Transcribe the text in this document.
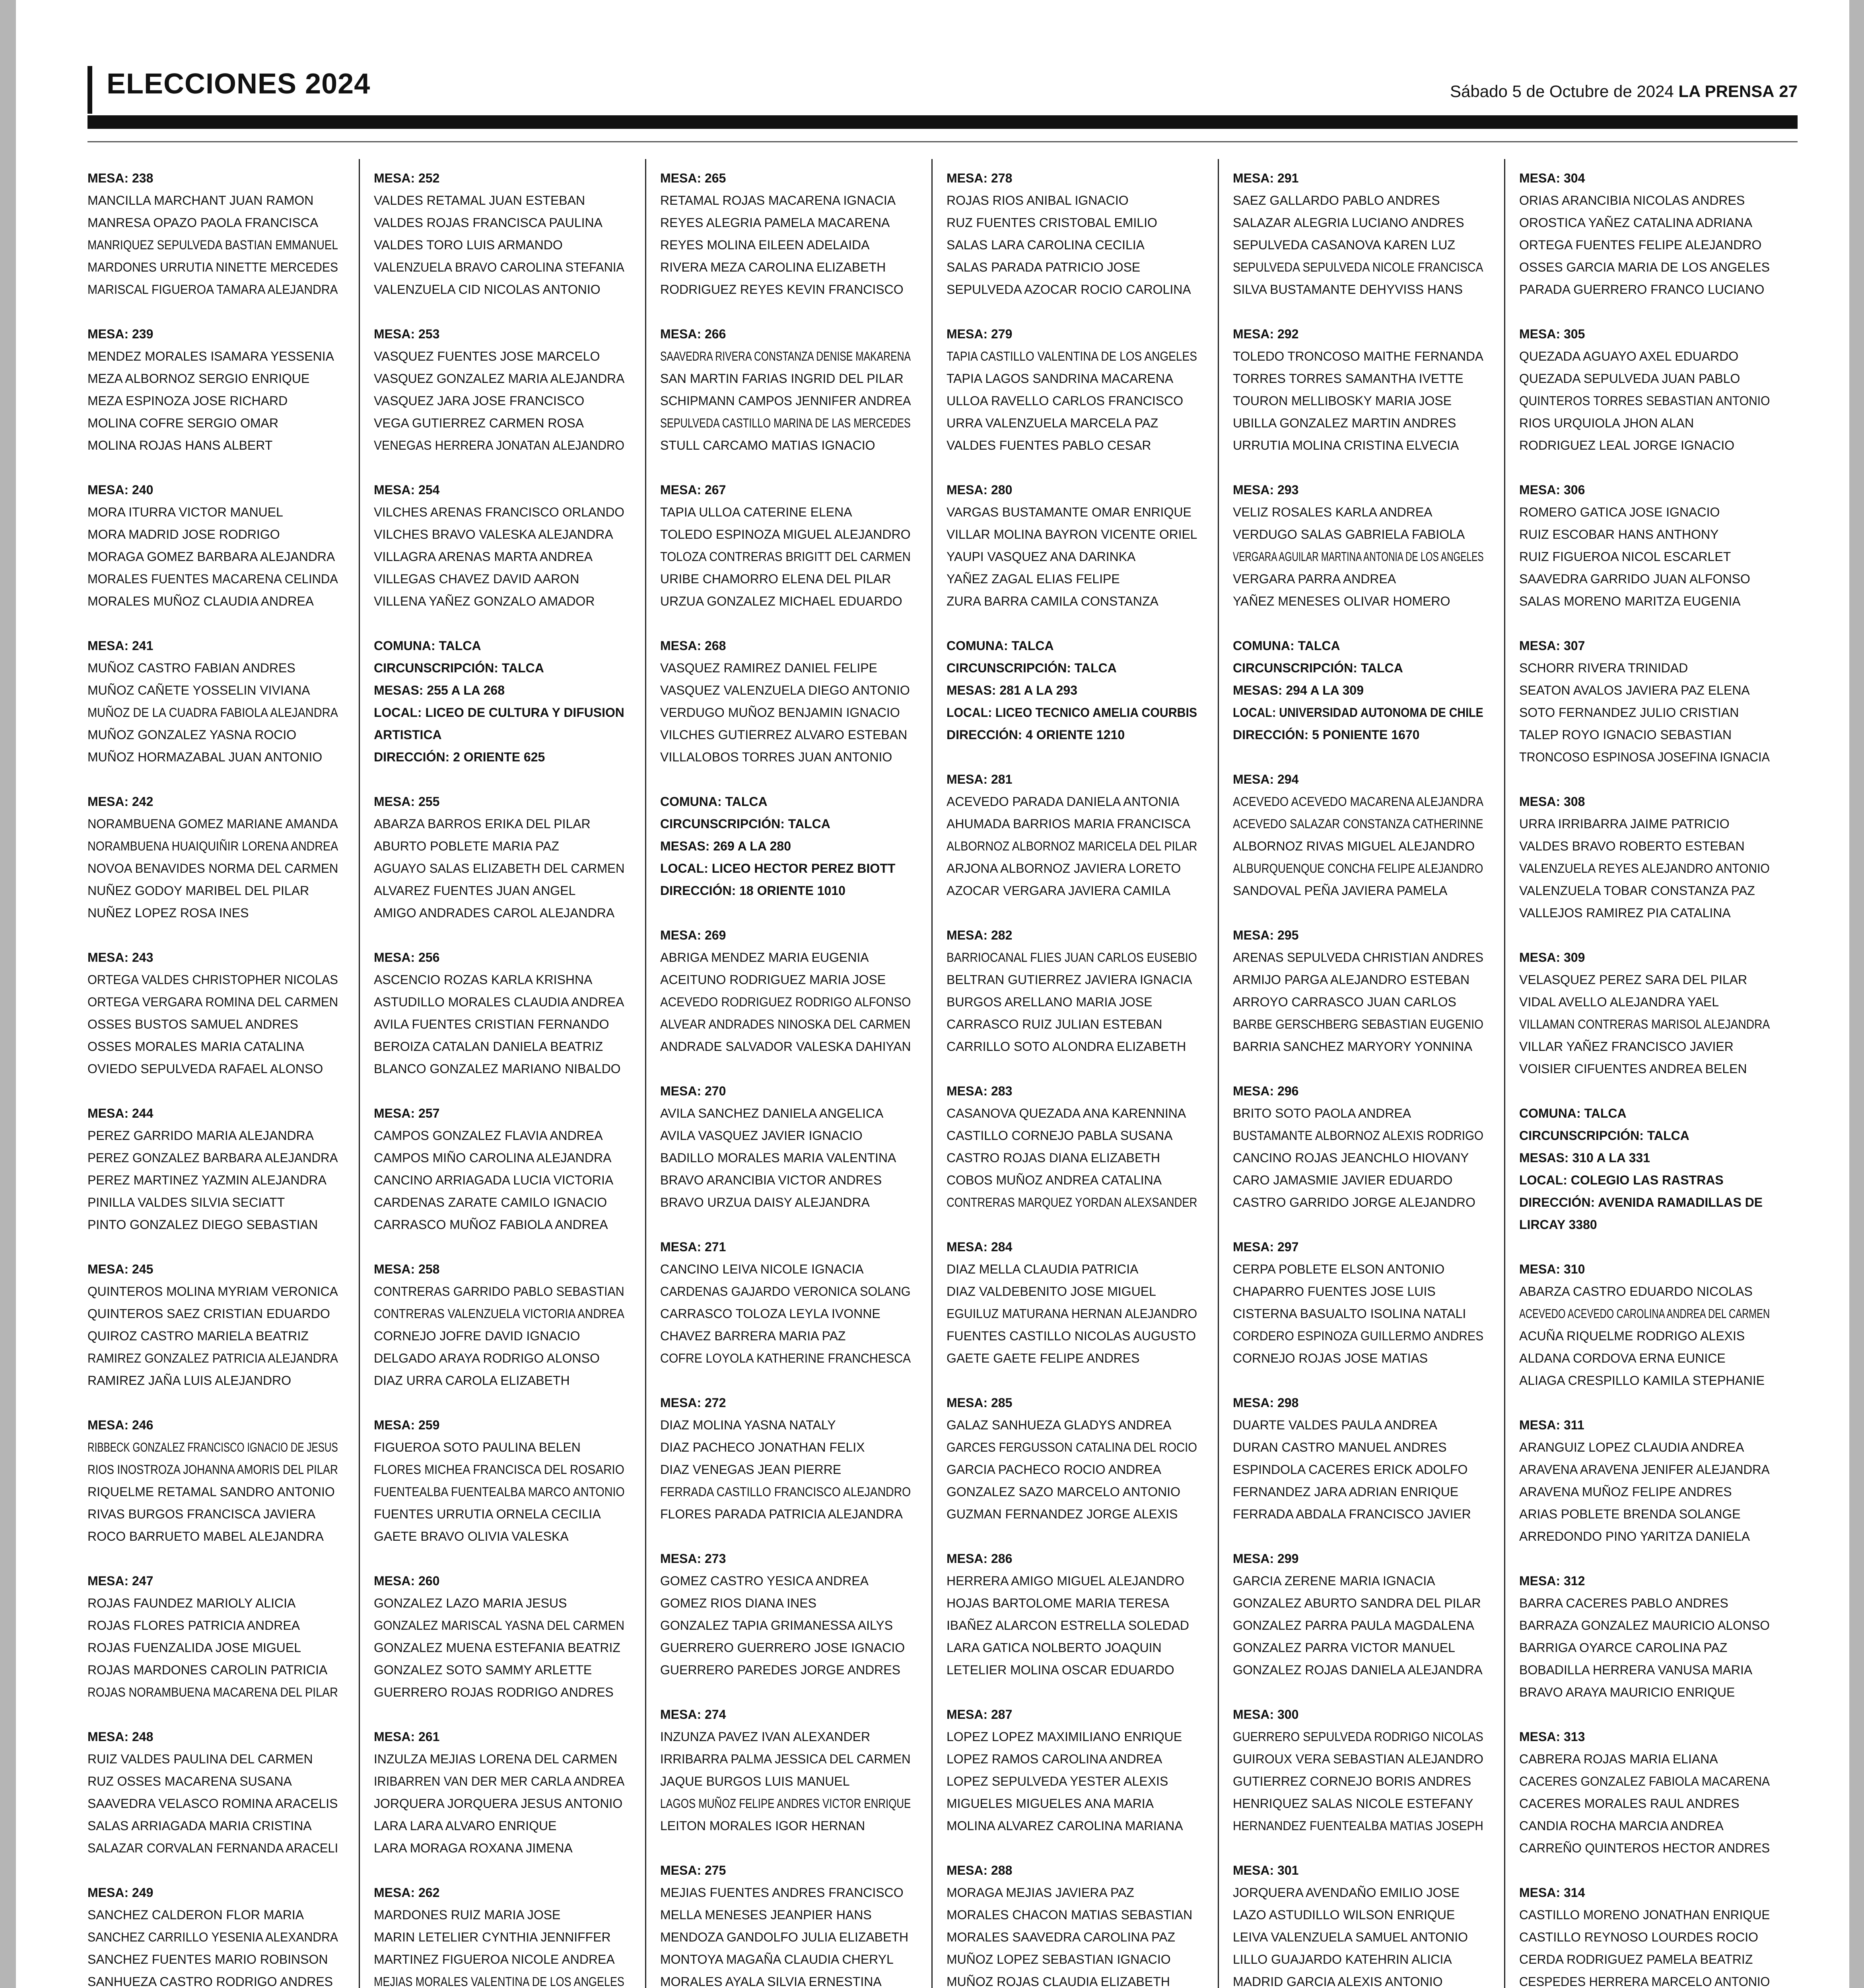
ELECCIONES 2024	Sábado 5 de Octubre de 2024 LA PRENSA 27
MESA: 238
MANCILLA MARCHANT JUAN RAMON
MANRESA OPAZO PAOLA FRANCISCA
MANRIQUEZ SEPULVEDA BASTIAN EMMANUEL
MARDONES URRUTIA NINETTE MERCEDES
MARISCAL FIGUEROA TAMARA ALEJANDRA
MESA: 239
MENDEZ MORALES ISAMARA YESSENIA
MEZA ALBORNOZ SERGIO ENRIQUE
MEZA ESPINOZA JOSE RICHARD
MOLINA COFRE SERGIO OMAR
MOLINA ROJAS HANS ALBERT
MESA: 240
MORA ITURRA VICTOR MANUEL
MORA MADRID JOSE RODRIGO
MORAGA GOMEZ BARBARA ALEJANDRA
MORALES FUENTES MACARENA CELINDA
MORALES MUÑOZ CLAUDIA ANDREA
MESA: 241
MUÑOZ CASTRO FABIAN ANDRES
MUÑOZ CAÑETE YOSSELIN VIVIANA
MUÑOZ DE LA CUADRA FABIOLA ALEJANDRA
MUÑOZ GONZALEZ YASNA ROCIO
MUÑOZ HORMAZABAL JUAN ANTONIO
MESA: 242
NORAMBUENA GOMEZ MARIANE AMANDA
NORAMBUENA HUAIQUIÑIR LORENA ANDREA
NOVOA BENAVIDES NORMA DEL CARMEN
NUÑEZ GODOY MARIBEL DEL PILAR
NUÑEZ LOPEZ ROSA INES
MESA: 243
ORTEGA VALDES CHRISTOPHER NICOLAS
ORTEGA VERGARA ROMINA DEL CARMEN
OSSES BUSTOS SAMUEL ANDRES
OSSES MORALES MARIA CATALINA
OVIEDO SEPULVEDA RAFAEL ALONSO
MESA: 244
PEREZ GARRIDO MARIA ALEJANDRA
PEREZ GONZALEZ BARBARA ALEJANDRA
PEREZ MARTINEZ YAZMIN ALEJANDRA
PINILLA VALDES SILVIA SECIATT
PINTO GONZALEZ DIEGO SEBASTIAN
MESA: 245
QUINTEROS MOLINA MYRIAM VERONICA
QUINTEROS SAEZ CRISTIAN EDUARDO
QUIROZ CASTRO MARIELA BEATRIZ
RAMIREZ GONZALEZ PATRICIA ALEJANDRA
RAMIREZ JAÑA LUIS ALEJANDRO
MESA: 246
RIBBECK GONZALEZ FRANCISCO IGNACIO DE JESUS
RIOS INOSTROZA JOHANNA AMORIS DEL PILAR
RIQUELME RETAMAL SANDRO ANTONIO
RIVAS BURGOS FRANCISCA JAVIERA
ROCO BARRUETO MABEL ALEJANDRA
MESA: 247
ROJAS FAUNDEZ MARIOLY ALICIA
ROJAS FLORES PATRICIA ANDREA
ROJAS FUENZALIDA JOSE MIGUEL
ROJAS MARDONES CAROLIN PATRICIA
ROJAS NORAMBUENA MACARENA DEL PILAR
MESA: 248
RUIZ VALDES PAULINA DEL CARMEN
RUZ OSSES MACARENA SUSANA
SAAVEDRA VELASCO ROMINA ARACELIS
SALAS ARRIAGADA MARIA CRISTINA
SALAZAR CORVALAN FERNANDA ARACELI
MESA: 249
SANCHEZ CALDERON FLOR MARIA
SANCHEZ CARRILLO YESENIA ALEXANDRA
SANCHEZ FUENTES MARIO ROBINSON
SANHUEZA CASTRO RODRIGO ANDRES
MESA: 252
VALDES RETAMAL JUAN ESTEBAN
VALDES ROJAS FRANCISCA PAULINA
VALDES TORO LUIS ARMANDO
VALENZUELA BRAVO CAROLINA STEFANIA
VALENZUELA CID NICOLAS ANTONIO
MESA: 253
VASQUEZ FUENTES JOSE MARCELO
VASQUEZ GONZALEZ MARIA ALEJANDRA
VASQUEZ JARA JOSE FRANCISCO
VEGA GUTIERREZ CARMEN ROSA
VENEGAS HERRERA JONATAN ALEJANDRO
MESA: 254
VILCHES ARENAS FRANCISCO ORLANDO
VILCHES BRAVO VALESKA ALEJANDRA
VILLAGRA ARENAS MARTA ANDREA
VILLEGAS CHAVEZ DAVID AARON
VILLENA YAÑEZ GONZALO AMADOR
COMUNA: TALCA
CIRCUNSCRIPCIÓN: TALCA
MESAS: 255 A LA 268
LOCAL: LICEO DE CULTURA Y DIFUSION
ARTISTICA
DIRECCIÓN: 2 ORIENTE 625
MESA: 255
ABARZA BARROS ERIKA DEL PILAR
ABURTO POBLETE MARIA PAZ
AGUAYO SALAS ELIZABETH DEL CARMEN
ALVAREZ FUENTES JUAN ANGEL
AMIGO ANDRADES CAROL ALEJANDRA
MESA: 256
ASCENCIO ROZAS KARLA KRISHNA
ASTUDILLO MORALES CLAUDIA ANDREA
AVILA FUENTES CRISTIAN FERNANDO
BEROIZA CATALAN DANIELA BEATRIZ
BLANCO GONZALEZ MARIANO NIBALDO
MESA: 257
CAMPOS GONZALEZ FLAVIA ANDREA
CAMPOS MIÑO CAROLINA ALEJANDRA
CANCINO ARRIAGADA LUCIA VICTORIA
CARDENAS ZARATE CAMILO IGNACIO
CARRASCO MUÑOZ FABIOLA ANDREA
MESA: 258
CONTRERAS GARRIDO PABLO SEBASTIAN
CONTRERAS VALENZUELA VICTORIA ANDREA
CORNEJO JOFRE DAVID IGNACIO
DELGADO ARAYA RODRIGO ALONSO
DIAZ URRA CAROLA ELIZABETH
MESA: 259
FIGUEROA SOTO PAULINA BELEN
FLORES MICHEA FRANCISCA DEL ROSARIO
FUENTEALBA FUENTEALBA MARCO ANTONIO
FUENTES URRUTIA ORNELA CECILIA
GAETE BRAVO OLIVIA VALESKA
MESA: 260
GONZALEZ LAZO MARIA JESUS
GONZALEZ MARISCAL YASNA DEL CARMEN
GONZALEZ MUENA ESTEFANIA BEATRIZ
GONZALEZ SOTO SAMMY ARLETTE
GUERRERO ROJAS RODRIGO ANDRES
MESA: 261
INZULZA MEJIAS LORENA DEL CARMEN
IRIBARREN VAN DER MER CARLA ANDREA
JORQUERA JORQUERA JESUS ANTONIO
LARA LARA ALVARO ENRIQUE
LARA MORAGA ROXANA JIMENA
MESA: 262
MARDONES RUIZ MARIA JOSE
MARIN LETELIER CYNTHIA JENNIFFER
MARTINEZ FIGUEROA NICOLE ANDREA
MEJIAS MORALES VALENTINA DE LOS ANGELES
MESA: 265
RETAMAL ROJAS MACARENA IGNACIA
REYES ALEGRIA PAMELA MACARENA
REYES MOLINA EILEEN ADELAIDA
RIVERA MEZA CAROLINA ELIZABETH
RODRIGUEZ REYES KEVIN FRANCISCO
MESA: 266
SAAVEDRA RIVERA CONSTANZA DENISE MAKARENA
SAN MARTIN FARIAS INGRID DEL PILAR
SCHIPMANN CAMPOS JENNIFER ANDREA
SEPULVEDA CASTILLO MARINA DE LAS MERCEDES
STULL CARCAMO MATIAS IGNACIO
MESA: 267
TAPIA ULLOA CATERINE ELENA
TOLEDO ESPINOZA MIGUEL ALEJANDRO
TOLOZA CONTRERAS BRIGITT DEL CARMEN
URIBE CHAMORRO ELENA DEL PILAR
URZUA GONZALEZ MICHAEL EDUARDO
MESA: 268
VASQUEZ RAMIREZ DANIEL FELIPE
VASQUEZ VALENZUELA DIEGO ANTONIO
VERDUGO MUÑOZ BENJAMIN IGNACIO
VILCHES GUTIERREZ ALVARO ESTEBAN
VILLALOBOS TORRES JUAN ANTONIO
COMUNA: TALCA
CIRCUNSCRIPCIÓN: TALCA
MESAS: 269 A LA 280
LOCAL: LICEO HECTOR PEREZ BIOTT
DIRECCIÓN: 18 ORIENTE 1010
MESA: 269
ABRIGA MENDEZ MARIA EUGENIA
ACEITUNO RODRIGUEZ MARIA JOSE
ACEVEDO RODRIGUEZ RODRIGO ALFONSO
ALVEAR ANDRADES NINOSKA DEL CARMEN
ANDRADE SALVADOR VALESKA DAHIYAN
MESA: 270
AVILA SANCHEZ DANIELA ANGELICA
AVILA VASQUEZ JAVIER IGNACIO
BADILLO MORALES MARIA VALENTINA
BRAVO ARANCIBIA VICTOR ANDRES
BRAVO URZUA DAISY ALEJANDRA
MESA: 271
CANCINO LEIVA NICOLE IGNACIA
CARDENAS GAJARDO VERONICA SOLANG
CARRASCO TOLOZA LEYLA IVONNE
CHAVEZ BARRERA MARIA PAZ
COFRE LOYOLA KATHERINE FRANCHESCA
MESA: 272
DIAZ MOLINA YASNA NATALY
DIAZ PACHECO JONATHAN FELIX
DIAZ VENEGAS JEAN PIERRE
FERRADA CASTILLO FRANCISCO ALEJANDRO
FLORES PARADA PATRICIA ALEJANDRA
MESA: 273
GOMEZ CASTRO YESICA ANDREA
GOMEZ RIOS DIANA INES
GONZALEZ TAPIA GRIMANESSA AILYS
GUERRERO GUERRERO JOSE IGNACIO
GUERRERO PAREDES JORGE ANDRES
MESA: 274
INZUNZA PAVEZ IVAN ALEXANDER
IRRIBARRA PALMA JESSICA DEL CARMEN
JAQUE BURGOS LUIS MANUEL
LAGOS MUÑOZ FELIPE ANDRES VICTOR ENRIQUE
LEITON MORALES IGOR HERNAN
MESA: 275
MEJIAS FUENTES ANDRES FRANCISCO
MELLA MENESES JEANPIER HANS
MENDOZA GANDOLFO JULIA ELIZABETH
MONTOYA MAGAÑA CLAUDIA CHERYL
MORALES AYALA SILVIA ERNESTINA
MESA: 278
ROJAS RIOS ANIBAL IGNACIO
RUZ FUENTES CRISTOBAL EMILIO
SALAS LARA CAROLINA CECILIA
SALAS PARADA PATRICIO JOSE
SEPULVEDA AZOCAR ROCIO CAROLINA
MESA: 279
TAPIA CASTILLO VALENTINA DE LOS ANGELES
TAPIA LAGOS SANDRINA MACARENA
ULLOA RAVELLO CARLOS FRANCISCO
URRA VALENZUELA MARCELA PAZ
VALDES FUENTES PABLO CESAR
MESA: 280
VARGAS BUSTAMANTE OMAR ENRIQUE
VILLAR MOLINA BAYRON VICENTE ORIEL
YAUPI VASQUEZ ANA DARINKA
YAÑEZ ZAGAL ELIAS FELIPE
ZURA BARRA CAMILA CONSTANZA
COMUNA: TALCA
CIRCUNSCRIPCIÓN: TALCA
MESAS: 281 A LA 293
LOCAL: LICEO TECNICO AMELIA COURBIS
DIRECCIÓN: 4 ORIENTE 1210
MESA: 281
ACEVEDO PARADA DANIELA ANTONIA
AHUMADA BARRIOS MARIA FRANCISCA
ALBORNOZ ALBORNOZ MARICELA DEL PILAR
ARJONA ALBORNOZ JAVIERA LORETO
AZOCAR VERGARA JAVIERA CAMILA
MESA: 282
BARRIOCANAL FLIES JUAN CARLOS EUSEBIO
BELTRAN GUTIERREZ JAVIERA IGNACIA
BURGOS ARELLANO MARIA JOSE
CARRASCO RUIZ JULIAN ESTEBAN
CARRILLO SOTO ALONDRA ELIZABETH
MESA: 283
CASANOVA QUEZADA ANA KARENNINA
CASTILLO CORNEJO PABLA SUSANA
CASTRO ROJAS DIANA ELIZABETH
COBOS MUÑOZ ANDREA CATALINA
CONTRERAS MARQUEZ YORDAN ALEXSANDER
MESA: 284
DIAZ MELLA CLAUDIA PATRICIA
DIAZ VALDEBENITO JOSE MIGUEL
EGUILUZ MATURANA HERNAN ALEJANDRO
FUENTES CASTILLO NICOLAS AUGUSTO
GAETE GAETE FELIPE ANDRES
MESA: 285
GALAZ SANHUEZA GLADYS ANDREA
GARCES FERGUSSON CATALINA DEL ROCIO
GARCIA PACHECO ROCIO ANDREA
GONZALEZ SAZO MARCELO ANTONIO
GUZMAN FERNANDEZ JORGE ALEXIS
MESA: 286
HERRERA AMIGO MIGUEL ALEJANDRO
HOJAS BARTOLOME MARIA TERESA
IBAÑEZ ALARCON ESTRELLA SOLEDAD
LARA GATICA NOLBERTO JOAQUIN
LETELIER MOLINA OSCAR EDUARDO
MESA: 287
LOPEZ LOPEZ MAXIMILIANO ENRIQUE
LOPEZ RAMOS CAROLINA ANDREA
LOPEZ SEPULVEDA YESTER ALEXIS
MIGUELES MIGUELES ANA MARIA
MOLINA ALVAREZ CAROLINA MARIANA
MESA: 288
MORAGA MEJIAS JAVIERA PAZ
MORALES CHACON MATIAS SEBASTIAN
MORALES SAAVEDRA CAROLINA PAZ
MUÑOZ LOPEZ SEBASTIAN IGNACIO
MUÑOZ ROJAS CLAUDIA ELIZABETH
MESA: 291
SAEZ GALLARDO PABLO ANDRES
SALAZAR ALEGRIA LUCIANO ANDRES
SEPULVEDA CASANOVA KAREN LUZ
SEPULVEDA SEPULVEDA NICOLE FRANCISCA
SILVA BUSTAMANTE DEHYVISS HANS
MESA: 292
TOLEDO TRONCOSO MAITHE FERNANDA
TORRES TORRES SAMANTHA IVETTE
TOURON MELLIBOSKY MARIA JOSE
UBILLA GONZALEZ MARTIN ANDRES
URRUTIA MOLINA CRISTINA ELVECIA
MESA: 293
VELIZ ROSALES KARLA ANDREA
VERDUGO SALAS GABRIELA FABIOLA
VERGARA AGUILAR MARTINA ANTONIA DE LOS ANGELES
VERGARA PARRA ANDREA
YAÑEZ MENESES OLIVAR HOMERO
COMUNA: TALCA
CIRCUNSCRIPCIÓN: TALCA
MESAS: 294 A LA 309
LOCAL: UNIVERSIDAD AUTONOMA DE CHILE
DIRECCIÓN: 5 PONIENTE 1670
MESA: 294
ACEVEDO ACEVEDO MACARENA ALEJANDRA
ACEVEDO SALAZAR CONSTANZA CATHERINNE
ALBORNOZ RIVAS MIGUEL ALEJANDRO
ALBURQUENQUE CONCHA FELIPE ALEJANDRO
SANDOVAL PEÑA JAVIERA PAMELA
MESA: 295
ARENAS SEPULVEDA CHRISTIAN ANDRES
ARMIJO PARGA ALEJANDRO ESTEBAN
ARROYO CARRASCO JUAN CARLOS
BARBE GERSCHBERG SEBASTIAN EUGENIO
BARRIA SANCHEZ MARYORY YONNINA
MESA: 296
BRITO SOTO PAOLA ANDREA
BUSTAMANTE ALBORNOZ ALEXIS RODRIGO
CANCINO ROJAS JEANCHLO HIOVANY
CARO JAMASMIE JAVIER EDUARDO
CASTRO GARRIDO JORGE ALEJANDRO
MESA: 297
CERPA POBLETE ELSON ANTONIO
CHAPARRO FUENTES JOSE LUIS
CISTERNA BASUALTO ISOLINA NATALI
CORDERO ESPINOZA GUILLERMO ANDRES
CORNEJO ROJAS JOSE MATIAS
MESA: 298
DUARTE VALDES PAULA ANDREA
DURAN CASTRO MANUEL ANDRES
ESPINDOLA CACERES ERICK ADOLFO
FERNANDEZ JARA ADRIAN ENRIQUE
FERRADA ABDALA FRANCISCO JAVIER
MESA: 299
GARCIA ZERENE MARIA IGNACIA
GONZALEZ ABURTO SANDRA DEL PILAR
GONZALEZ PARRA PAULA MAGDALENA
GONZALEZ PARRA VICTOR MANUEL
GONZALEZ ROJAS DANIELA ALEJANDRA
MESA: 300
GUERRERO SEPULVEDA RODRIGO NICOLAS
GUIROUX VERA SEBASTIAN ALEJANDRO
GUTIERREZ CORNEJO BORIS ANDRES
HENRIQUEZ SALAS NICOLE ESTEFANY
HERNANDEZ FUENTEALBA MATIAS JOSEPH
MESA: 301
JORQUERA AVENDAÑO EMILIO JOSE
LAZO ASTUDILLO WILSON ENRIQUE
LEIVA VALENZUELA SAMUEL ANTONIO
LILLO GUAJARDO KATEHRIN ALICIA
MADRID GARCIA ALEXIS ANTONIO
MESA: 304
ORIAS ARANCIBIA NICOLAS ANDRES
OROSTICA YAÑEZ CATALINA ADRIANA
ORTEGA FUENTES FELIPE ALEJANDRO
OSSES GARCIA MARIA DE LOS ANGELES
PARADA GUERRERO FRANCO LUCIANO
MESA: 305
QUEZADA AGUAYO AXEL EDUARDO
QUEZADA SEPULVEDA JUAN PABLO
QUINTEROS TORRES SEBASTIAN ANTONIO
RIOS URQUIOLA JHON ALAN
RODRIGUEZ LEAL JORGE IGNACIO
MESA: 306
ROMERO GATICA JOSE IGNACIO
RUIZ ESCOBAR HANS ANTHONY
RUIZ FIGUEROA NICOL ESCARLET
SAAVEDRA GARRIDO JUAN ALFONSO
SALAS MORENO MARITZA EUGENIA
MESA: 307
SCHORR RIVERA TRINIDAD
SEATON AVALOS JAVIERA PAZ ELENA
SOTO FERNANDEZ JULIO CRISTIAN
TALEP ROYO IGNACIO SEBASTIAN
TRONCOSO ESPINOSA JOSEFINA IGNACIA
MESA: 308
URRA IRRIBARRA JAIME PATRICIO
VALDES BRAVO ROBERTO ESTEBAN
VALENZUELA REYES ALEJANDRO ANTONIO
VALENZUELA TOBAR CONSTANZA PAZ
VALLEJOS RAMIREZ PIA CATALINA
MESA: 309
VELASQUEZ PEREZ SARA DEL PILAR
VIDAL AVELLO ALEJANDRA YAEL
VILLAMAN CONTRERAS MARISOL ALEJANDRA
VILLAR YAÑEZ FRANCISCO JAVIER
VOISIER CIFUENTES ANDREA BELEN
COMUNA: TALCA
CIRCUNSCRIPCIÓN: TALCA
MESAS: 310 A LA 331
LOCAL: COLEGIO LAS RASTRAS
DIRECCIÓN: AVENIDA RAMADILLAS DE
LIRCAY 3380
MESA: 310
ABARZA CASTRO EDUARDO NICOLAS
ACEVEDO ACEVEDO CAROLINA ANDREA DEL CARMEN
ACUÑA RIQUELME RODRIGO ALEXIS
ALDANA CORDOVA ERNA EUNICE
ALIAGA CRESPILLO KAMILA STEPHANIE
MESA: 311
ARANGUIZ LOPEZ CLAUDIA ANDREA
ARAVENA ARAVENA JENIFER ALEJANDRA
ARAVENA MUÑOZ FELIPE ANDRES
ARIAS POBLETE BRENDA SOLANGE
ARREDONDO PINO YARITZA DANIELA
MESA: 312
BARRA CACERES PABLO ANDRES
BARRAZA GONZALEZ MAURICIO ALONSO
BARRIGA OYARCE CAROLINA PAZ
BOBADILLA HERRERA VANUSA MARIA
BRAVO ARAYA MAURICIO ENRIQUE
MESA: 313
CABRERA ROJAS MARIA ELIANA
CACERES GONZALEZ FABIOLA MACARENA
CACERES MORALES RAUL ANDRES
CANDIA ROCHA MARCIA ANDREA
CARREÑO QUINTEROS HECTOR ANDRES
MESA: 314
CASTILLO MORENO JONATHAN ENRIQUE
CASTILLO REYNOSO LOURDES ROCIO
CERDA RODRIGUEZ PAMELA BEATRIZ
CESPEDES HERRERA MARCELO ANTONIO
